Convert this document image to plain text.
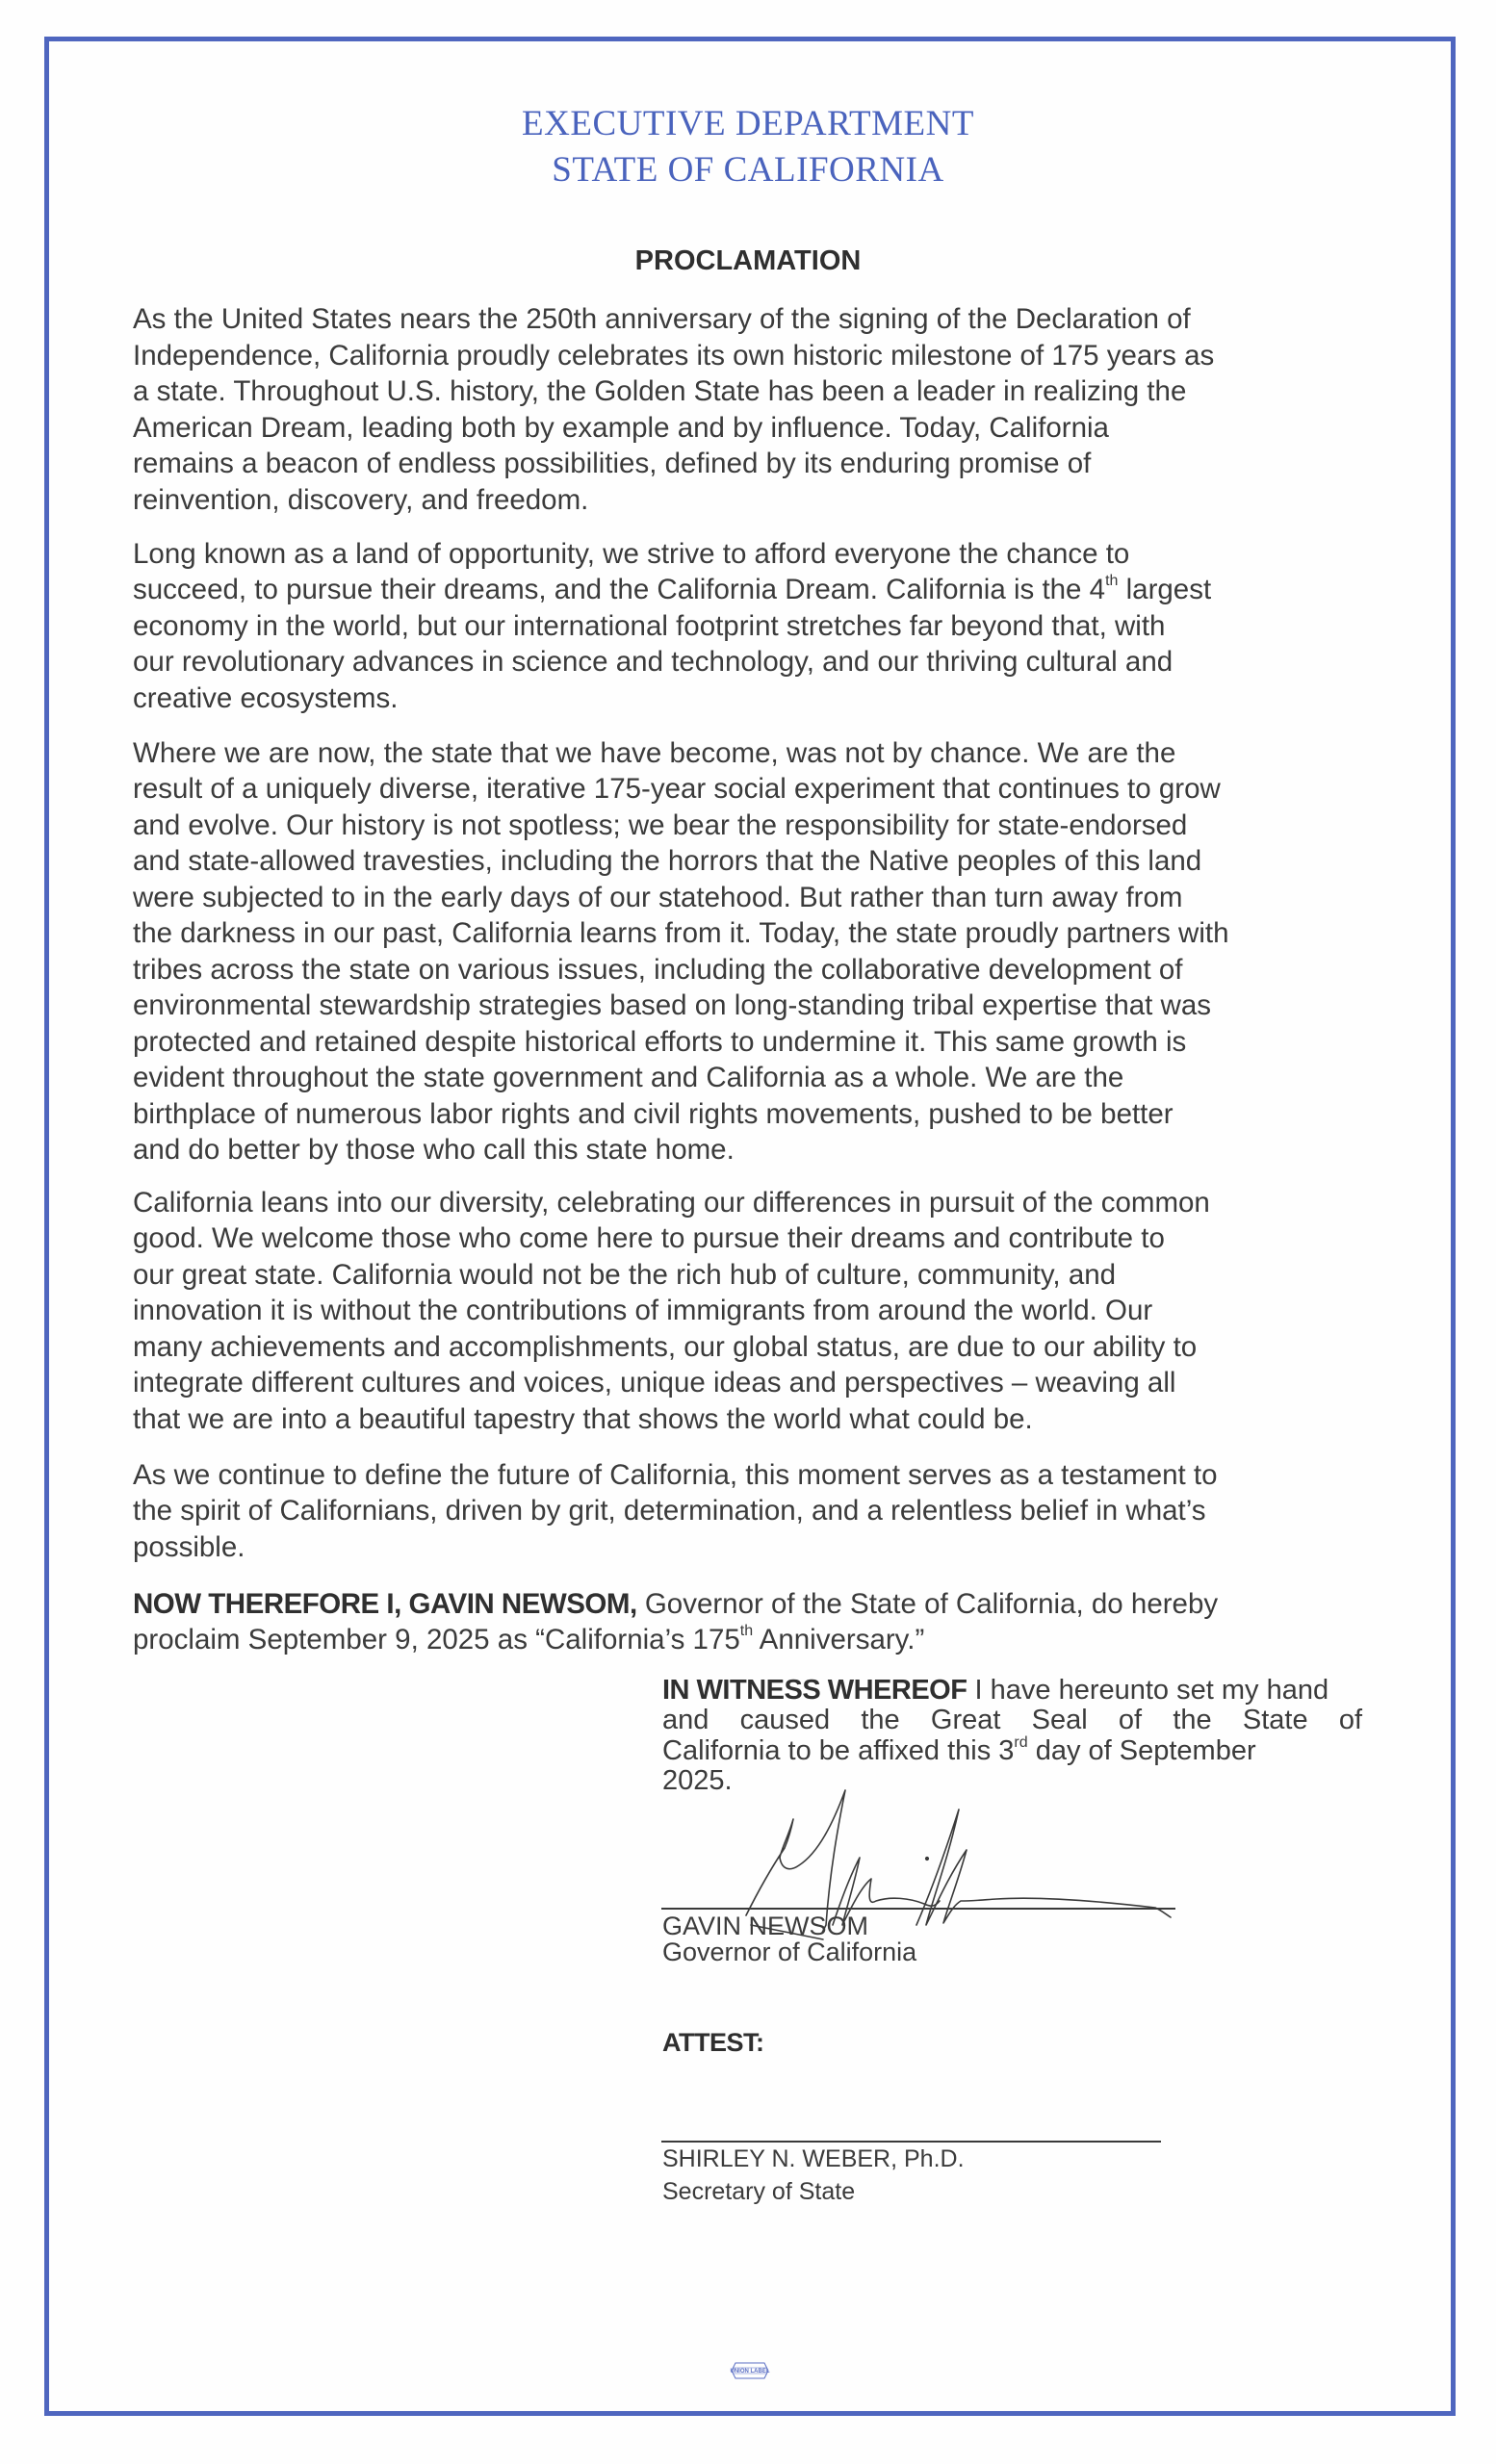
EXECUTIVE DEPARTMENT
STATE OF CALIFORNIA
PROCLAMATION
As the United States nears the 250th anniversary of the signing of the Declaration of
Independence, California proudly celebrates its own historic milestone of 175 years as
a state. Throughout U.S. history, the Golden State has been a leader in realizing the
American Dream, leading both by example and by influence. Today, California
remains a beacon of endless possibilities, defined by its enduring promise of
reinvention, discovery, and freedom.
Long known as a land of opportunity, we strive to afford everyone the chance to
succeed, to pursue their dreams, and the California Dream. California is the 4th largest
economy in the world, but our international footprint stretches far beyond that, with
our revolutionary advances in science and technology, and our thriving cultural and
creative ecosystems.
Where we are now, the state that we have become, was not by chance. We are the
result of a uniquely diverse, iterative 175-year social experiment that continues to grow
and evolve. Our history is not spotless; we bear the responsibility for state-endorsed
and state-allowed travesties, including the horrors that the Native peoples of this land
were subjected to in the early days of our statehood. But rather than turn away from
the darkness in our past, California learns from it. Today, the state proudly partners with
tribes across the state on various issues, including the collaborative development of
environmental stewardship strategies based on long-standing tribal expertise that was
protected and retained despite historical efforts to undermine it. This same growth is
evident throughout the state government and California as a whole. We are the
birthplace of numerous labor rights and civil rights movements, pushed to be better
and do better by those who call this state home.
California leans into our diversity, celebrating our differences in pursuit of the common
good. We welcome those who come here to pursue their dreams and contribute to
our great state. California would not be the rich hub of culture, community, and
innovation it is without the contributions of immigrants from around the world. Our
many achievements and accomplishments, our global status, are due to our ability to
integrate different cultures and voices, unique ideas and perspectives – weaving all
that we are into a beautiful tapestry that shows the world what could be.
As we continue to define the future of California, this moment serves as a testament to
the spirit of Californians, driven by grit, determination, and a relentless belief in what’s
possible.
NOW THEREFORE I, GAVIN NEWSOM, Governor of the State of California, do hereby
proclaim September 9, 2025 as “California’s 175th Anniversary.”
IN WITNESS WHEREOF I have hereunto set my hand
and caused the Great Seal of the State of
California to be affixed this 3rd day of September
2025.
GAVIN NEWSOM
Governor of California
ATTEST:
SHIRLEY N. WEBER, Ph.D.
Secretary of State
UNION LABEL
